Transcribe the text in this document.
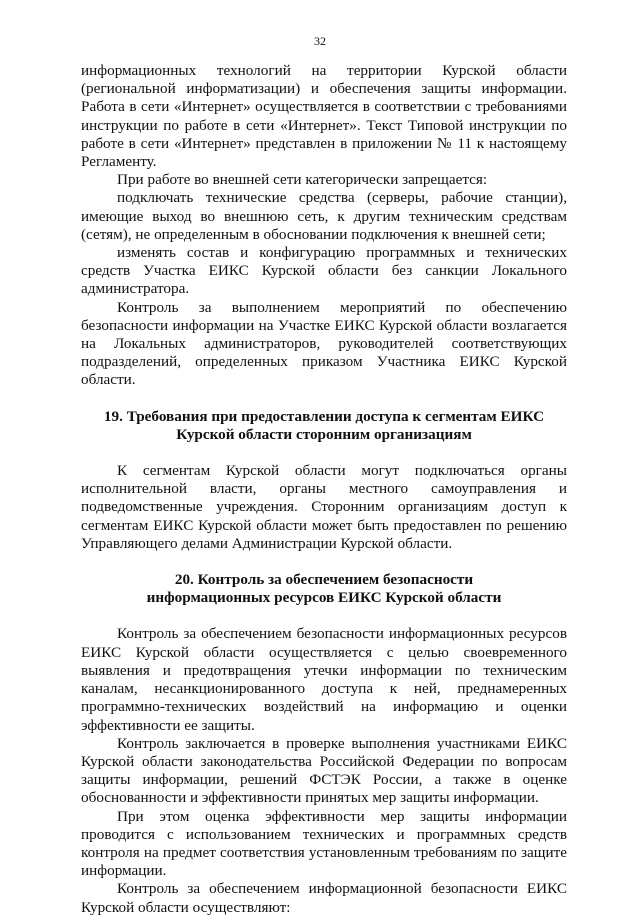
32

информационных технологий на территории Курской области (региональной информатизации) и обеспечения защиты информации. Работа в сети «Интернет» осуществляется в соответствии с требованиями инструкции по работе в сети «Интернет». Текст Типовой инструкции по работе в сети «Интернет» представлен в приложении № 11 к настоящему Регламенту.

При работе во внешней сети категорически запрещается:

подключать технические средства (серверы, рабочие станции), имеющие выход во внешнюю сеть, к другим техническим средствам (сетям), не определенным в обосновании подключения к внешней сети;

изменять состав и конфигурацию программных и технических средств Участка ЕИКС Курской области без санкции Локального администратора.

Контроль за выполнением мероприятий по обеспечению безопасности информации на Участке ЕИКС Курской области возлагается на Локальных администраторов, руководителей соответствующих подразделений, определенных приказом Участника ЕИКС Курской области.

19. Требования при предоставлении доступа к сегментам ЕИКС
Курской области сторонним организациям

К сегментам Курской области могут подключаться органы исполнительной власти, органы местного самоуправления и подведомственные учреждения. Сторонним организациям доступ к сегментам ЕИКС Курской области может быть предоставлен по решению Управляющего делами Администрации Курской области.

20. Контроль за обеспечением безопасности
информационных ресурсов ЕИКС Курской области

Контроль за обеспечением безопасности информационных ресурсов ЕИКС Курской области осуществляется с целью своевременного выявления и предотвращения утечки информации по техническим каналам, несанкционированного доступа к ней, преднамеренных программно-технических воздействий на информацию и оценки эффективности ее защиты.

Контроль заключается в проверке выполнения участниками ЕИКС Курской области законодательства Российской Федерации по вопросам защиты информации, решений ФСТЭК России, а также в оценке обоснованности и эффективности принятых мер защиты информации.

При этом оценка эффективности мер защиты информации проводится с использованием технических и программных средств контроля на предмет соответствия установленным требованиям по защите информации.

Контроль за обеспечением информационной безопасности ЕИКС Курской области осуществляют:
